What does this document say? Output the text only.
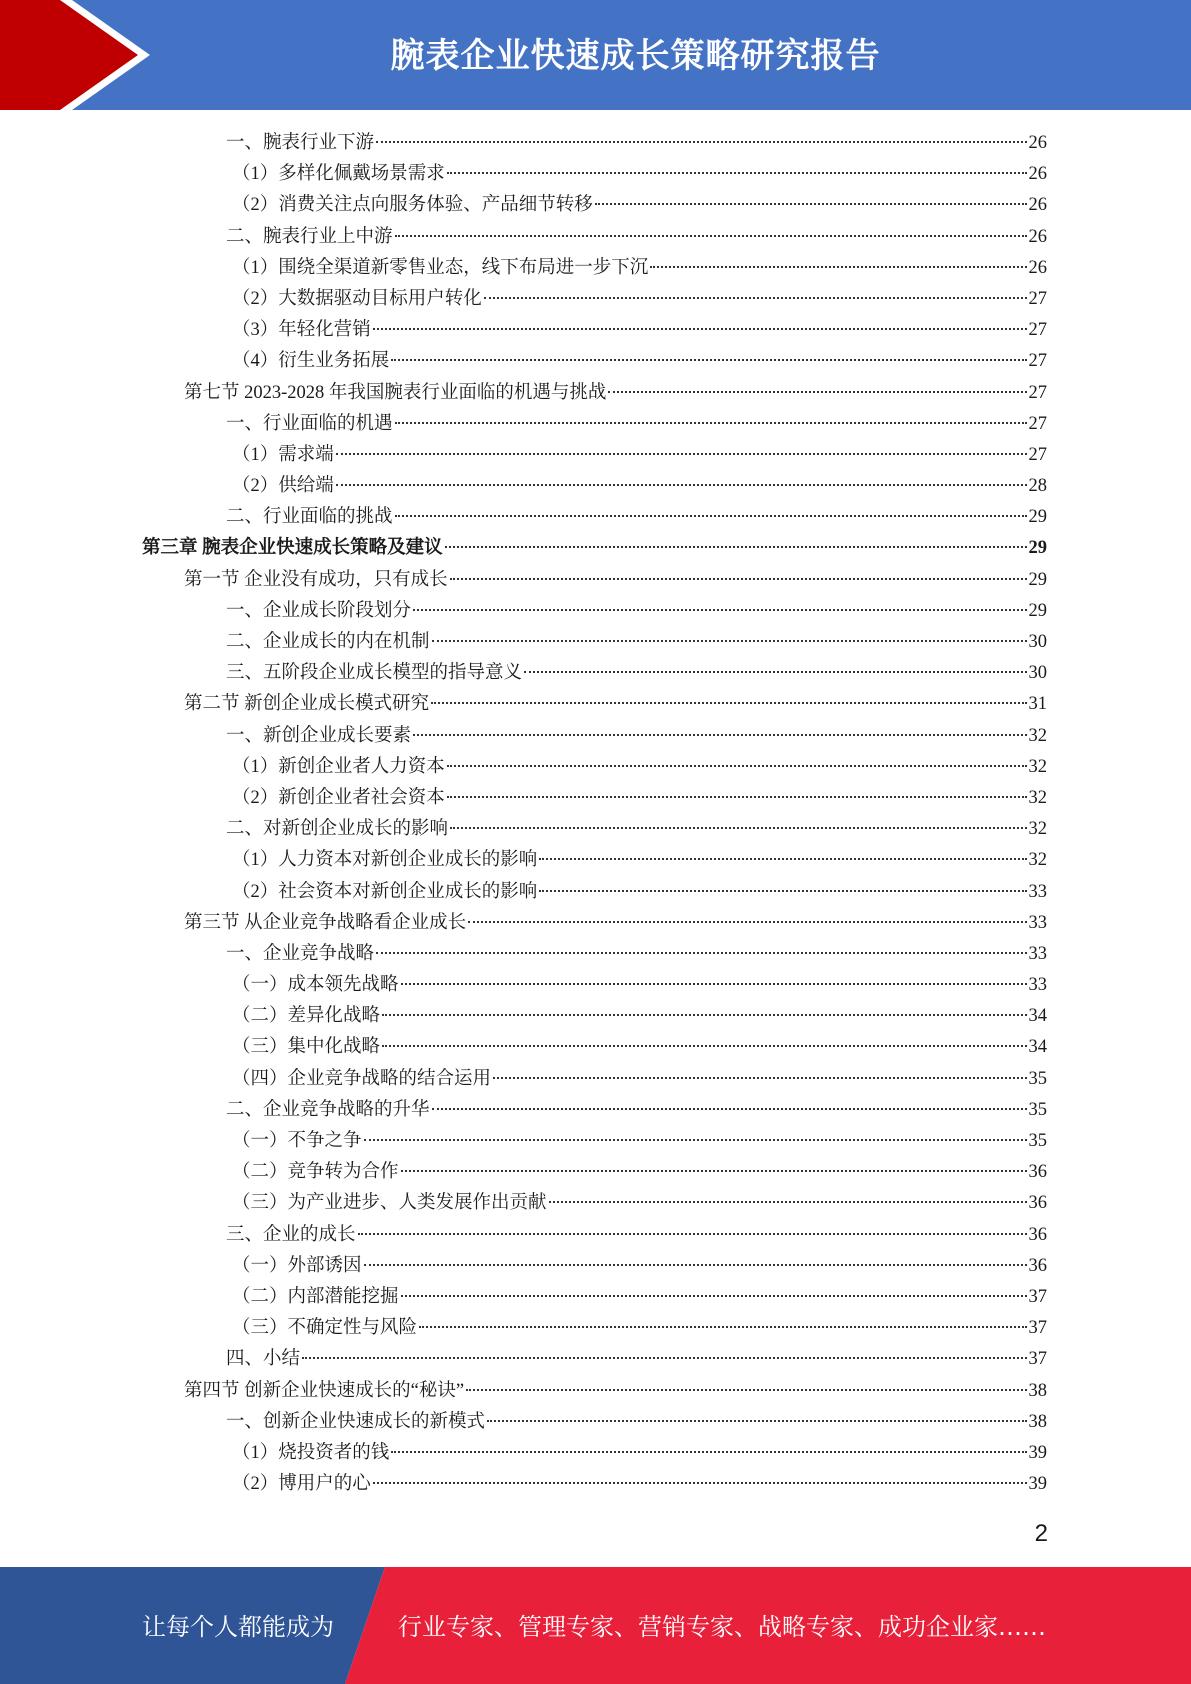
腕表企业快速成长策略研究报告
一、腕表行业下游	26
（1）多样化佩戴场景需求	26
（2）消费关注点向服务体验、产品细节转移	26
二、腕表行业上中游	26
（1）围绕全渠道新零售业态，线下布局进一步下沉	26
（2）大数据驱动目标用户转化	27
（3）年轻化营销	27
（4）衍生业务拓展	27
第七节 2023-2028 年我国腕表行业面临的机遇与挑战	27
一、行业面临的机遇	27
（1）需求端	27
（2）供给端	28
二、行业面临的挑战	29
第三章 腕表企业快速成长策略及建议	29
第一节 企业没有成功，只有成长	29
一、企业成长阶段划分	29
二、企业成长的内在机制	30
三、五阶段企业成长模型的指导意义	30
第二节 新创企业成长模式研究	31
一、新创企业成长要素	32
（1）新创企业者人力资本	32
（2）新创企业者社会资本	32
二、对新创企业成长的影响	32
（1）人力资本对新创企业成长的影响	32
（2）社会资本对新创企业成长的影响	33
第三节 从企业竞争战略看企业成长	33
一、企业竞争战略	33
（一）成本领先战略	33
（二）差异化战略	34
（三）集中化战略	34
（四）企业竞争战略的结合运用	35
二、企业竞争战略的升华	35
（一）不争之争	35
（二）竞争转为合作	36
（三）为产业进步、人类发展作出贡献	36
三、企业的成长	36
（一）外部诱因	36
（二）内部潜能挖掘	37
（三）不确定性与风险	37
四、小结	37
第四节 创新企业快速成长的“秘诀”	38
一、创新企业快速成长的新模式	38
（1）烧投资者的钱	39
（2）博用户的心	39
2
让每个人都能成为	行业专家、管理专家、营销专家、战略专家、成功企业家……
